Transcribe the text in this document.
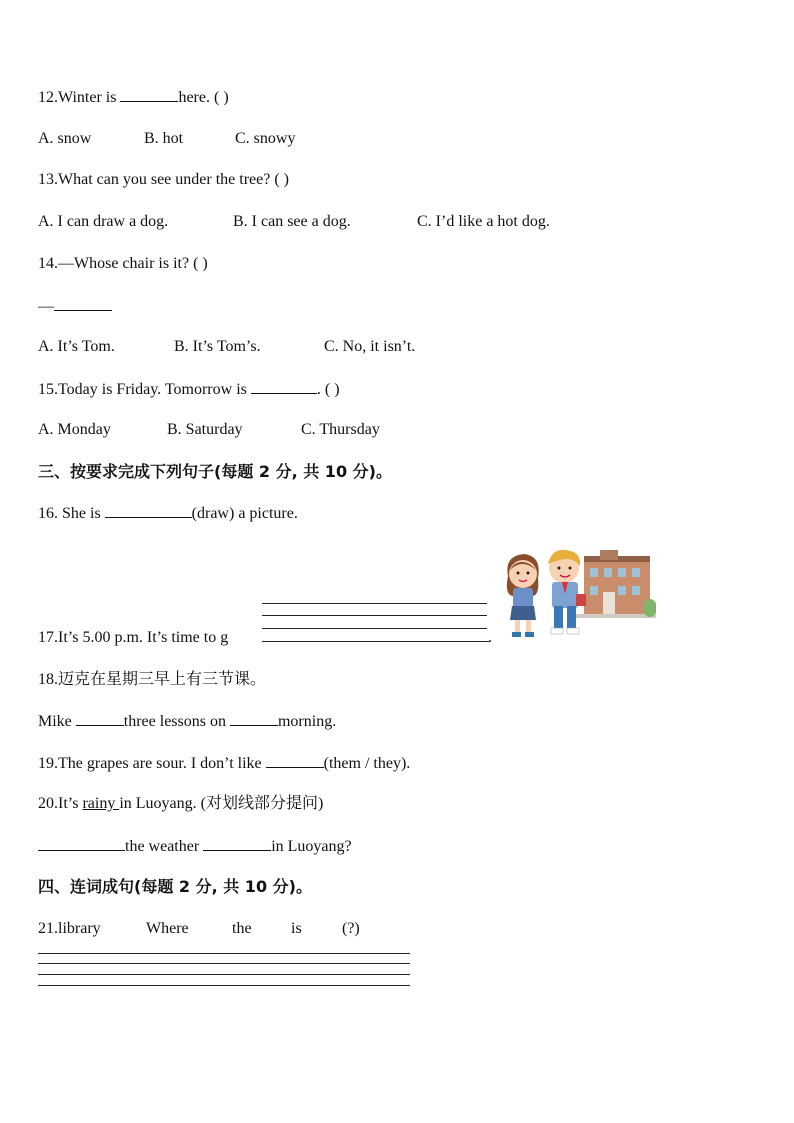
12.Winter is	here. ( )
A. snow	B. hot	C. snowy
13.What can you see under the tree? ( )
A. I can draw a dog.	B. I can see a dog.	C. I’d like a hot dog.
14.—Whose chair is it? ( )
—
A. It’s Tom.	B. It’s Tom’s.	C. No, it isn’t.
15.Today is Friday. Tomorrow is	. ( )
A. Monday	B. Saturday	C. Thursday
三、按要求完成下列句子(每题 2 分, 共 10 分)。
16. She is	(draw) a picture.
17.It’s 5.00 p.m. It’s time to g	.
18.迈克在星期三早上有三节课。
Mike	three lessons on	morning.
19.The grapes are sour. I don’t like	(them / they).
20.It’s rainy in Luoyang. (对划线部分提问)
the weather	in Luoyang?
四、连词成句(每题 2 分, 共 10 分)。
21.library	Where	the is	(?)
